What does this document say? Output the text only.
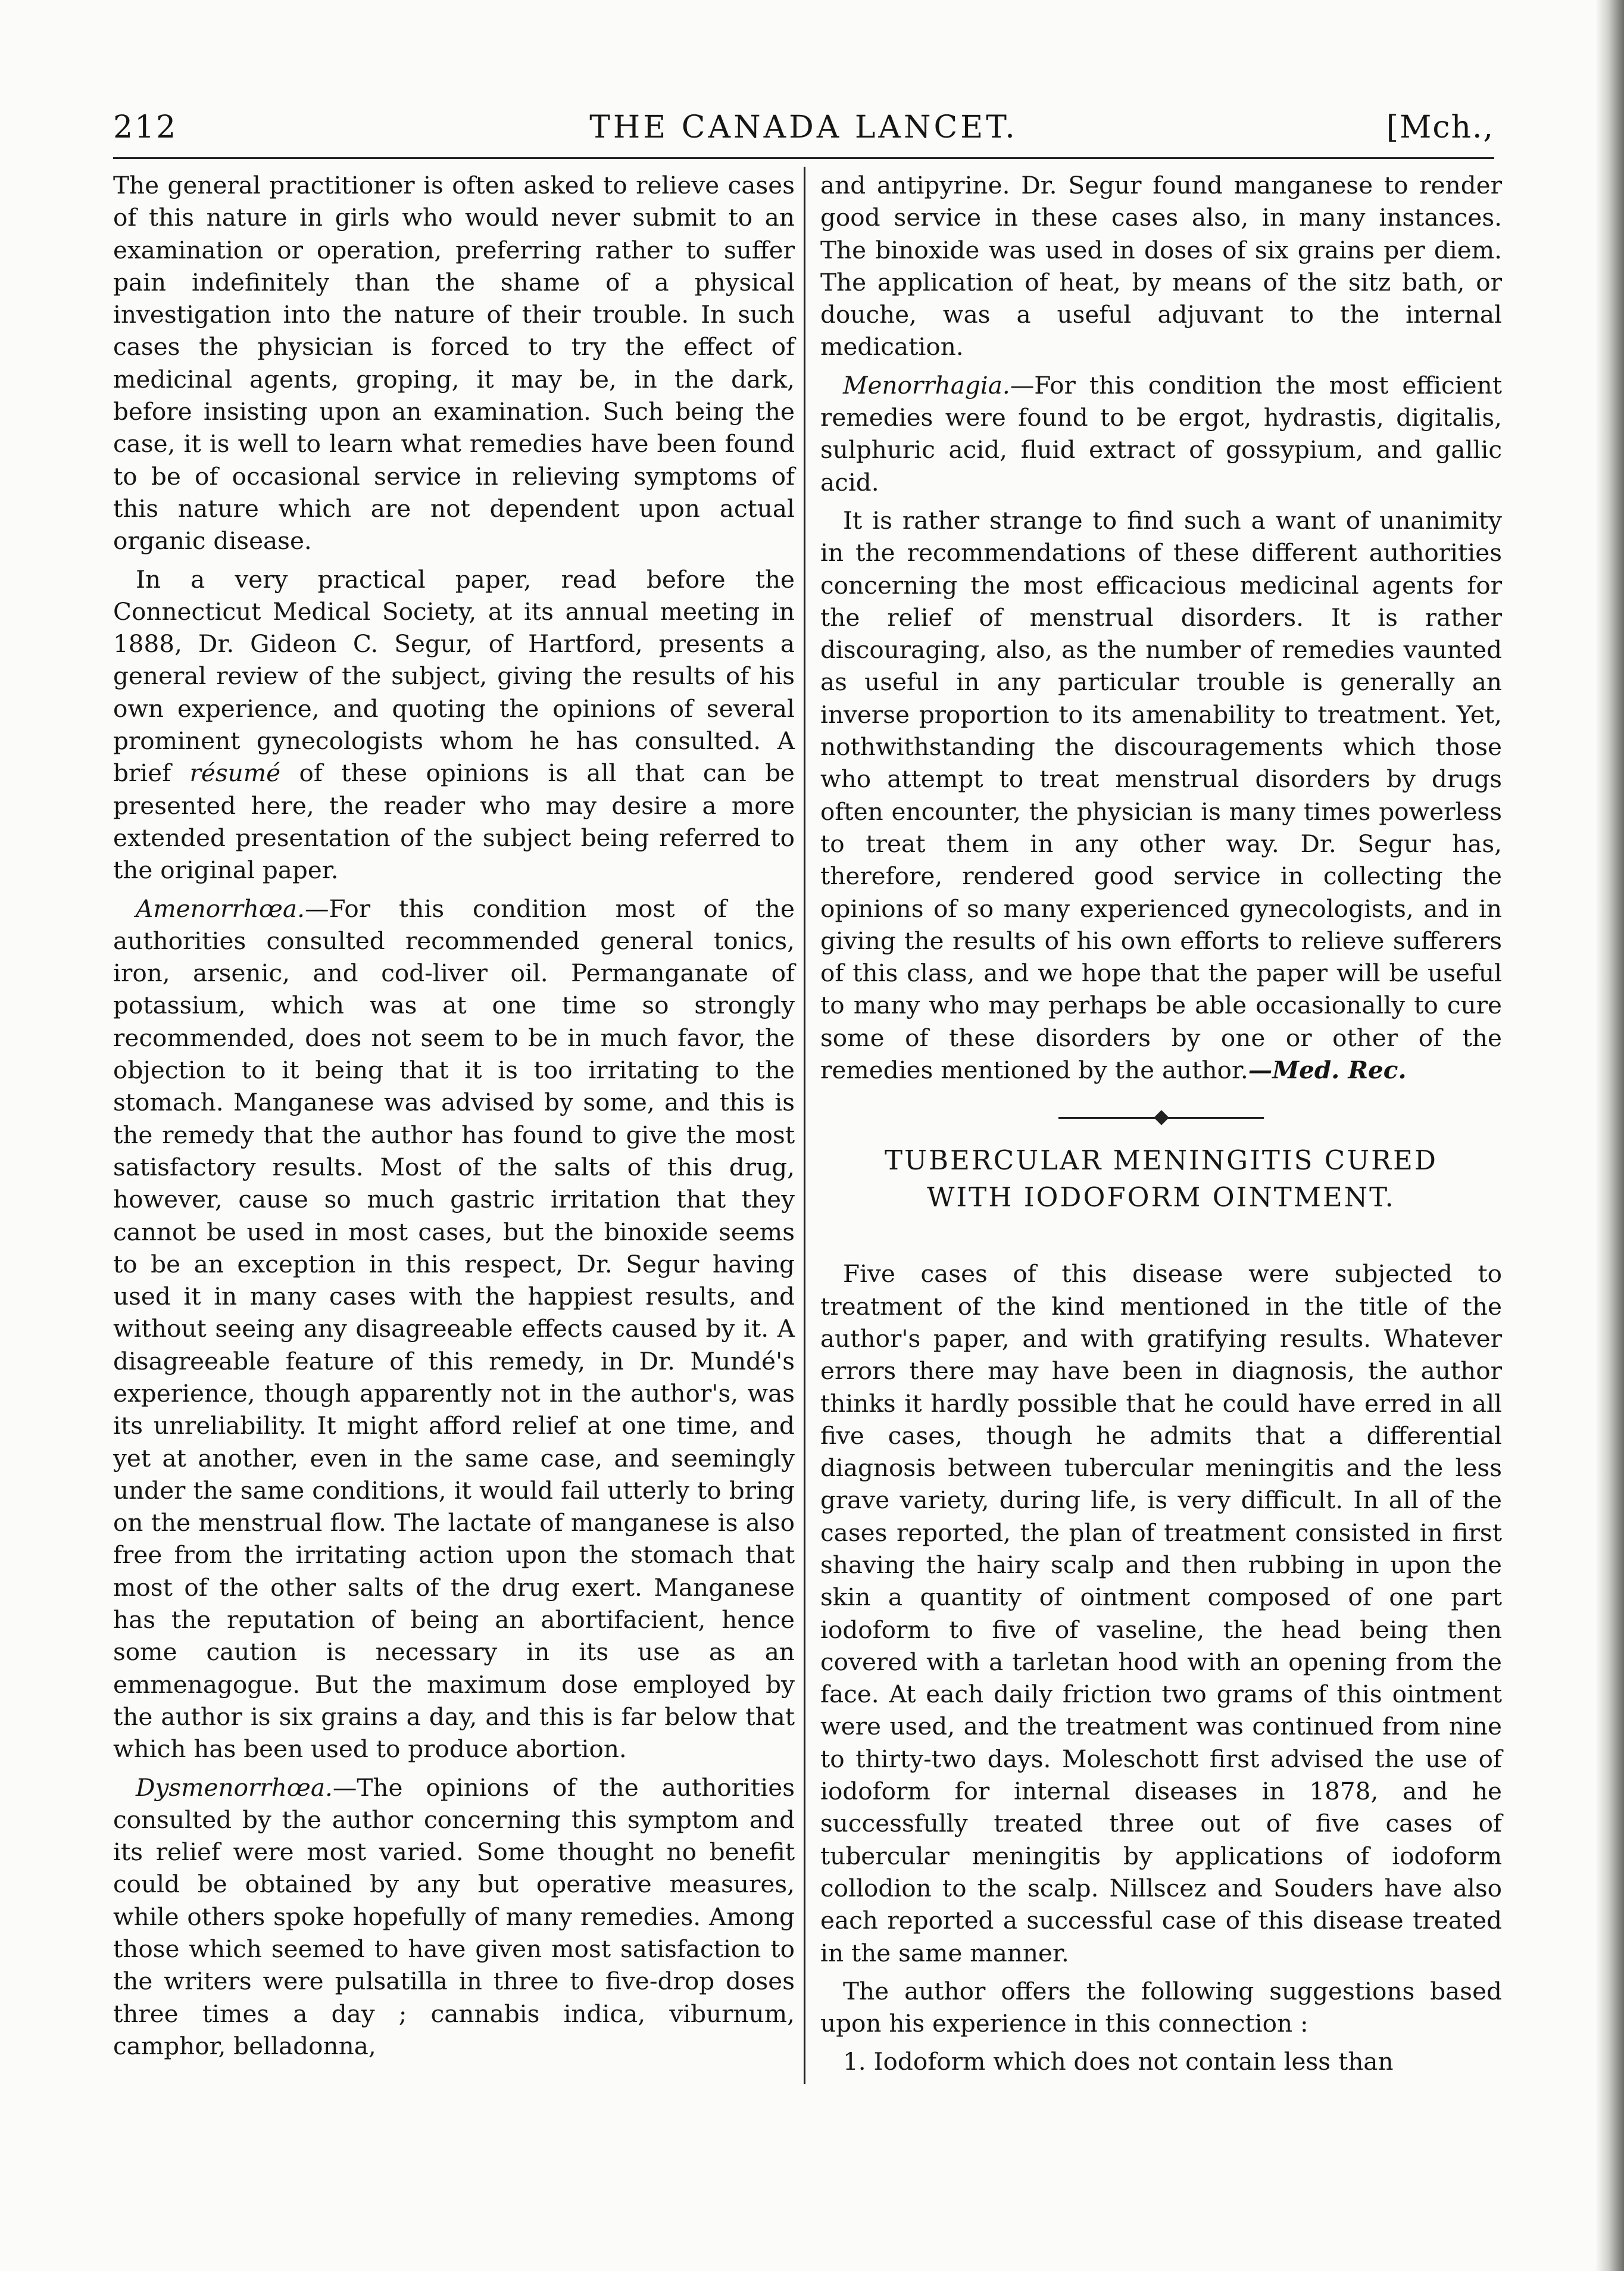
212	THE CANADA LANCET.	[Mch.,

The general practitioner is often asked to relieve cases of this nature in girls who would never submit to an examination or operation, preferring rather to suffer pain indefinitely than the shame of a physical investigation into the nature of their trouble. In such cases the physician is forced to try the effect of medicinal agents, groping, it may be, in the dark, before insisting upon an examination. Such being the case, it is well to learn what remedies have been found to be of occasional service in relieving symptoms of this nature which are not dependent upon actual organic disease.

In a very practical paper, read before the Connecticut Medical Society, at its annual meeting in 1888, Dr. Gideon C. Segur, of Hartford, presents a general review of the subject, giving the results of his own experience, and quoting the opinions of several prominent gynecologists whom he has consulted. A brief résumé of these opinions is all that can be presented here, the reader who may desire a more extended presentation of the subject being referred to the original paper.

Amenorrhœa.—For this condition most of the authorities consulted recommended general tonics, iron, arsenic, and cod-liver oil. Permanganate of potassium, which was at one time so strongly recommended, does not seem to be in much favor, the objection to it being that it is too irritating to the stomach. Manganese was advised by some, and this is the remedy that the author has found to give the most satisfactory results. Most of the salts of this drug, however, cause so much gastric irritation that they cannot be used in most cases, but the binoxide seems to be an exception in this respect, Dr. Segur having used it in many cases with the happiest results, and without seeing any disagreeable effects caused by it. A disagreeable feature of this remedy, in Dr. Mundé's experience, though apparently not in the author's, was its unreliability. It might afford relief at one time, and yet at another, even in the same case, and seemingly under the same conditions, it would fail utterly to bring on the menstrual flow. The lactate of manganese is also free from the irritating action upon the stomach that most of the other salts of the drug exert. Manganese has the reputation of being an abortifacient, hence some caution is necessary in its use as an emmenagogue. But the maximum dose employed by the author is six grains a day, and this is far below that which has been used to produce abortion.

Dysmenorrhœa.—The opinions of the authorities consulted by the author concerning this symptom and its relief were most varied. Some thought no benefit could be obtained by any but operative measures, while others spoke hopefully of many remedies. Among those which seemed to have given most satisfaction to the writers were pulsatilla in three to five-drop doses three times a day ; cannabis indica, viburnum, camphor, belladonna,

and antipyrine. Dr. Segur found manganese to render good service in these cases also, in many instances. The binoxide was used in doses of six grains per diem. The application of heat, by means of the sitz bath, or douche, was a useful adjuvant to the internal medication.

Menorrhagia.—For this condition the most efficient remedies were found to be ergot, hydrastis, digitalis, sulphuric acid, fluid extract of gossypium, and gallic acid.

It is rather strange to find such a want of unanimity in the recommendations of these different authorities concerning the most efficacious medicinal agents for the relief of menstrual disorders. It is rather discouraging, also, as the number of remedies vaunted as useful in any particular trouble is generally an inverse proportion to its amenability to treatment. Yet, nothwithstanding the discouragements which those who attempt to treat menstrual disorders by drugs often encounter, the physician is many times powerless to treat them in any other way. Dr. Segur has, therefore, rendered good service in collecting the opinions of so many experienced gynecologists, and in giving the results of his own efforts to relieve sufferers of this class, and we hope that the paper will be useful to many who may perhaps be able occasionally to cure some of these disorders by one or other of the remedies mentioned by the author.—Med. Rec.

TUBERCULAR MENINGITIS CURED
WITH IODOFORM OINTMENT.

Five cases of this disease were subjected to treatment of the kind mentioned in the title of the author's paper, and with gratifying results. Whatever errors there may have been in diagnosis, the author thinks it hardly possible that he could have erred in all five cases, though he admits that a differential diagnosis between tubercular meningitis and the less grave variety, during life, is very difficult. In all of the cases reported, the plan of treatment consisted in first shaving the hairy scalp and then rubbing in upon the skin a quantity of ointment composed of one part iodoform to five of vaseline, the head being then covered with a tarletan hood with an opening from the face. At each daily friction two grams of this ointment were used, and the treatment was continued from nine to thirty-two days. Moleschott first advised the use of iodoform for internal diseases in 1878, and he successfully treated three out of five cases of tubercular meningitis by applications of iodoform collodion to the scalp. Nillscez and Souders have also each reported a successful case of this disease treated in the same manner.

The author offers the following suggestions based upon his experience in this connection :

1. Iodoform which does not contain less than
